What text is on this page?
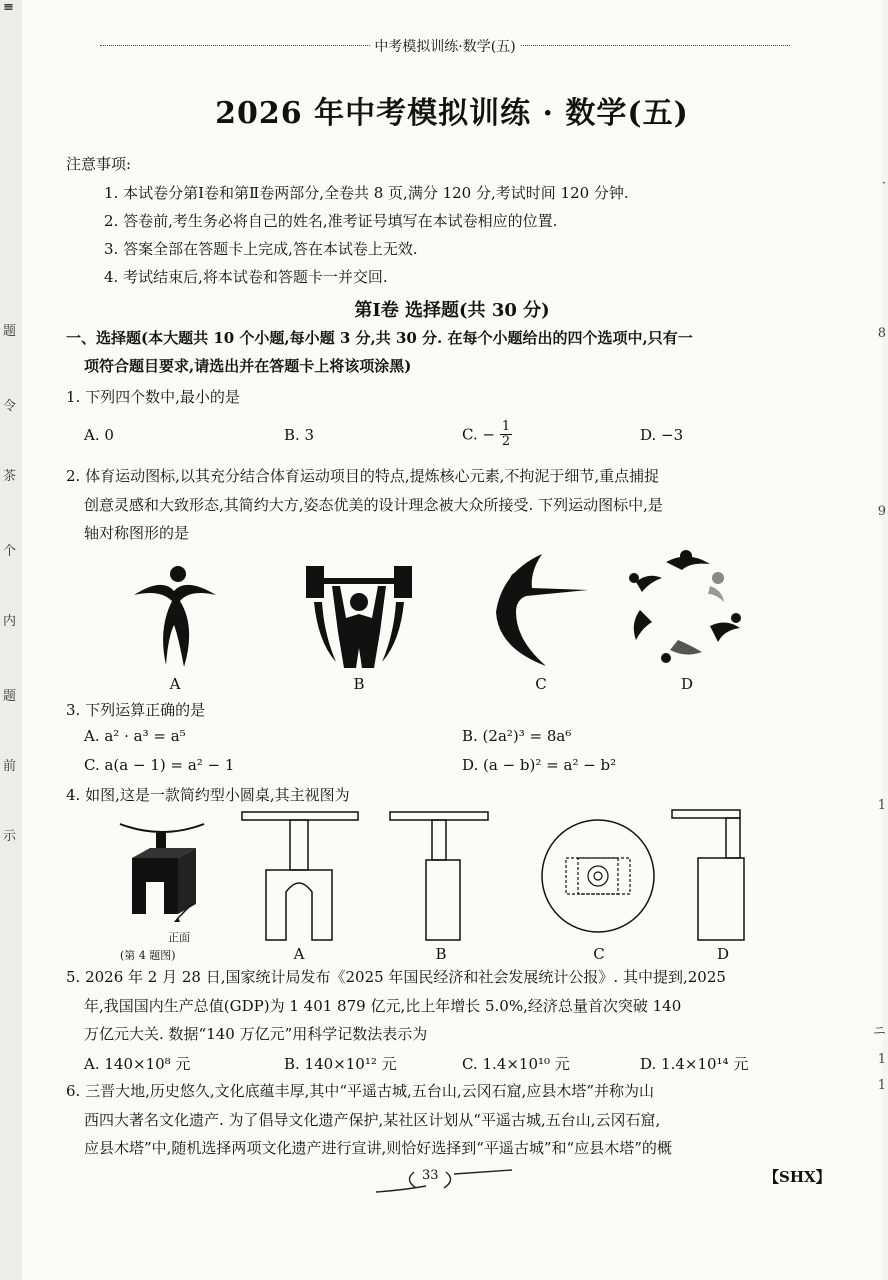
≡
题
令
茶
个
内
题
前
示
中考模拟训练·数学(五)
2026 年中考模拟训练 · 数学(五)
注意事项:
1. 本试卷分第Ⅰ卷和第Ⅱ卷两部分,全卷共 8 页,满分 120 分,考试时间 120 分钟.
2. 答卷前,考生务必将自己的姓名,准考证号填写在本试卷相应的位置.
3. 答案全部在答题卡上完成,答在本试卷上无效.
4. 考试结束后,将本试卷和答题卡一并交回.
第Ⅰ卷 选择题(共 30 分)
一、选择题(本大题共 10 个小题,每小题 3 分,共 30 分. 在每个小题给出的四个选项中,只有一
项符合题目要求,请选出并在答题卡上将该项涂黑)
1. 下列四个数中,最小的是
A. 0	B. 3	C. − $\frac{1}{2}$	D. −3
2. 体育运动图标,以其充分结合体育运动项目的特点,提炼核心元素,不拘泥于细节,重点捕捉
创意灵感和大致形态,其简约大方,姿态优美的设计理念被大众所接受. 下列运动图标中,是
轴对称图形的是
A	B	C	D
3. 下列运算正确的是
A. a² · a³ = a⁵	B. (2a²)³ = 8a⁶
C. a(a − 1) = a² − 1	D. (a − b)² = a² − b²
4. 如图,这是一款简约型小圆桌,其主视图为
正面
(第 4 题图)	A	B	C	D
5. 2026 年 2 月 28 日,国家统计局发布《2025 年国民经济和社会发展统计公报》. 其中提到,2025
年,我国国内生产总值(GDP)为 1 401 879 亿元,比上年增长 5.0%,经济总量首次突破 140
万亿元大关. 数据“140 万亿元”用科学记数法表示为
A. 140×10⁸ 元	B. 140×10¹² 元	C. 1.4×10¹⁰ 元	D. 1.4×10¹⁴ 元
6. 三晋大地,历史悠久,文化底蕴丰厚,其中“平遥古城,五台山,云冈石窟,应县木塔”并称为山
西四大著名文化遗产. 为了倡导文化遗产保护,某社区计划从“平遥古城,五台山,云冈石窟,
应县木塔”中,随机选择两项文化遗产进行宣讲,则恰好选择到“平遥古城”和“应县木塔”的概
33	【SHX】
·
8
9
1
ニ
1
1
